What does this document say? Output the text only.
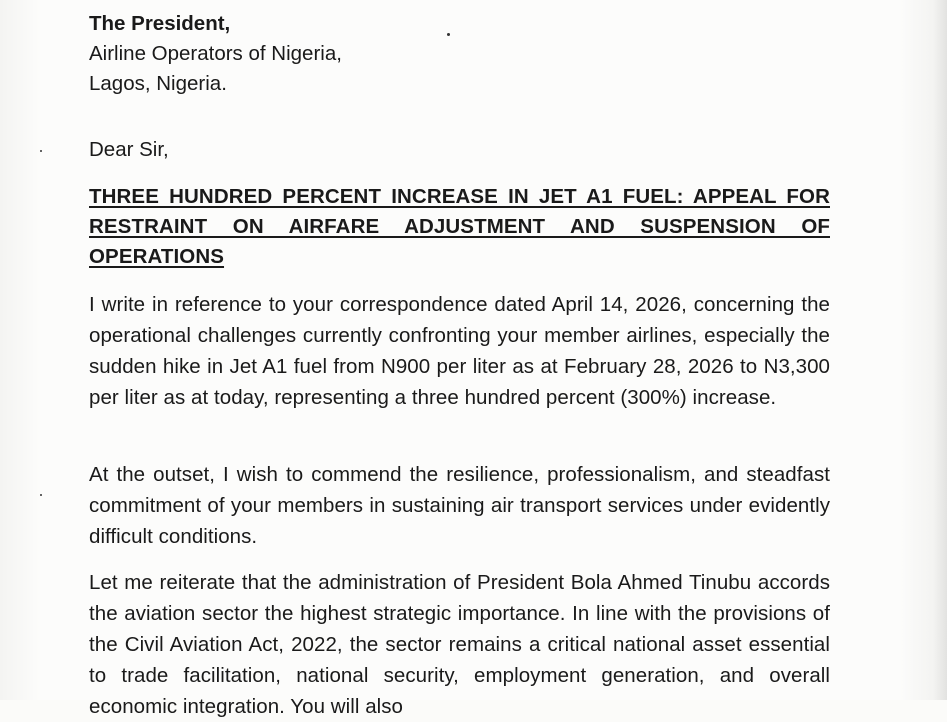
The President,
Airline Operators of Nigeria,
Lagos, Nigeria.

Dear Sir,

THREE HUNDRED PERCENT INCREASE IN JET A1 FUEL: APPEAL FOR RESTRAINT ON AIRFARE ADJUSTMENT AND SUSPENSION OF OPERATIONS

I write in reference to your correspondence dated April 14, 2026, concerning the operational challenges currently confronting your member airlines, especially the sudden hike in Jet A1 fuel from N900 per liter as at February 28, 2026 to N3,300 per liter as at today, representing a three hundred percent (300%) increase.

At the outset, I wish to commend the resilience, professionalism, and steadfast commitment of your members in sustaining air transport services under evidently difficult conditions.

Let me reiterate that the administration of President Bola Ahmed Tinubu accords the aviation sector the highest strategic importance. In line with the provisions of the Civil Aviation Act, 2022, the sector remains a critical national asset essential to trade facilitation, national security, employment generation, and overall economic integration. You will also
